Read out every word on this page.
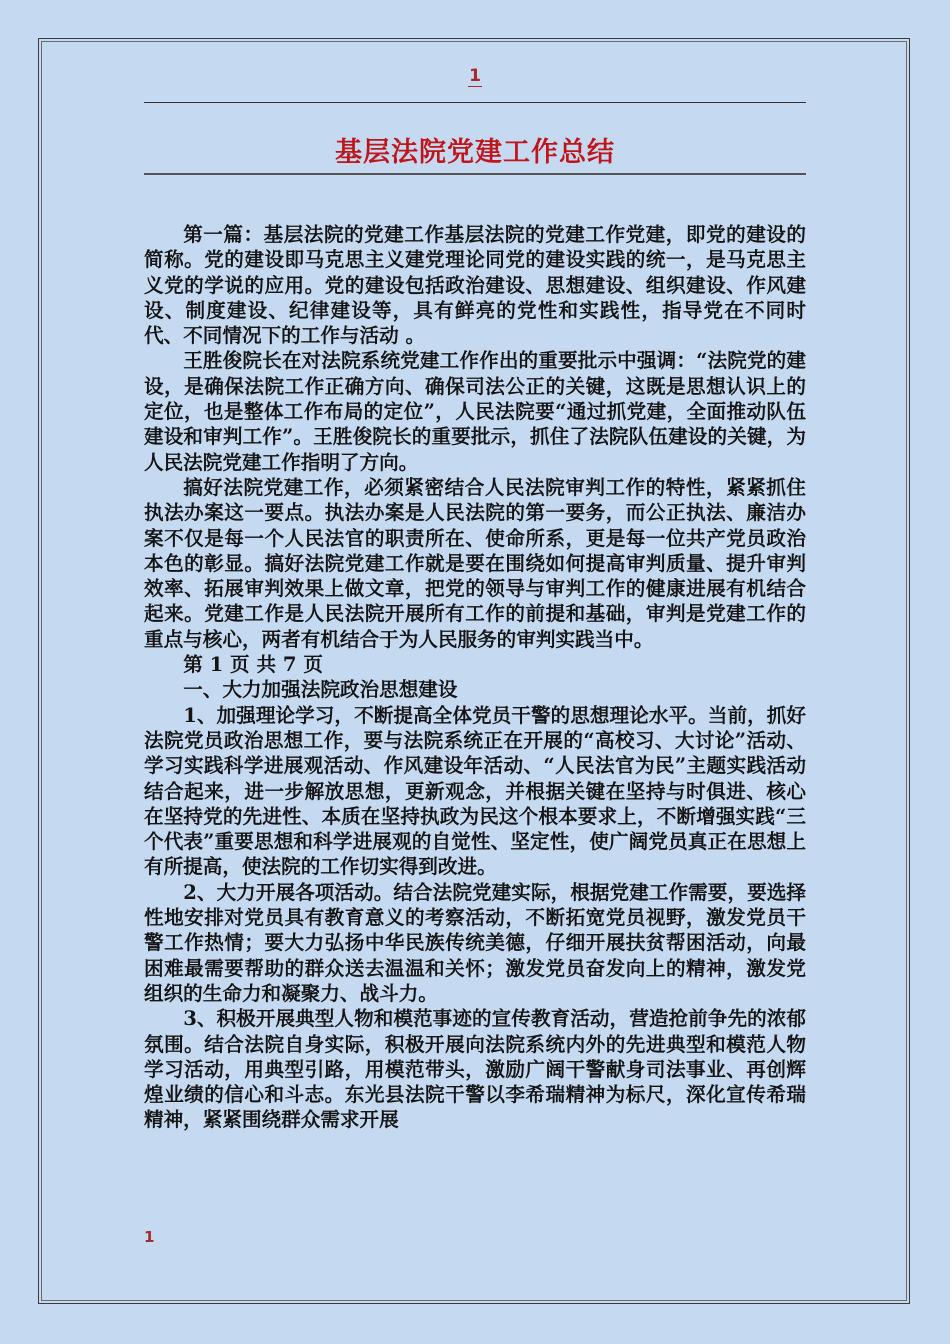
1
基层法院党建工作总结

第一篇：基层法院的党建工作基层法院的党建工作党建，即党的建设的简称。党的建设即马克思主义建党理论同党的建设实践的统一，是马克思主义党的学说的应用。党的建设包括政治建设、思想建设、组织建设、作风建设、制度建设、纪律建设等，具有鲜亮的党性和实践性，指导党在不同时代、不同情况下的工作与活动 。

王胜俊院长在对法院系统党建工作作出的重要批示中强调：“法院党的建设，是确保法院工作正确方向、确保司法公正的关键，这既是思想认识上的定位，也是整体工作布局的定位”，人民法院要“通过抓党建，全面推动队伍建设和审判工作”。王胜俊院长的重要批示，抓住了法院队伍建设的关键，为人民法院党建工作指明了方向。

搞好法院党建工作，必须紧密结合人民法院审判工作的特性，紧紧抓住执法办案这一要点。执法办案是人民法院的第一要务，而公正执法、廉洁办案不仅是每一个人民法官的职责所在、使命所系，更是每一位共产党员政治本色的彰显。搞好法院党建工作就是要在围绕如何提高审判质量、提升审判效率、拓展审判效果上做文章，把党的领导与审判工作的健康进展有机结合起来。党建工作是人民法院开展所有工作的前提和基础，审判是党建工作的重点与核心，两者有机结合于为人民服务的审判实践当中。

第 1 页 共 7 页

一、大力加强法院政治思想建设

1、加强理论学习，不断提高全体党员干警的思想理论水平。当前，抓好法院党员政治思想工作，要与法院系统正在开展的“高校习、大讨论”活动、学习实践科学进展观活动、作风建设年活动、“人民法官为民”主题实践活动结合起来，进一步解放思想，更新观念，并根据关键在坚持与时俱进、核心在坚持党的先进性、本质在坚持执政为民这个根本要求上，不断增强实践“三个代表”重要思想和科学进展观的自觉性、坚定性，使广阔党员真正在思想上有所提高，使法院的工作切实得到改进。

2、大力开展各项活动。结合法院党建实际，根据党建工作需要，要选择性地安排对党员具有教育意义的考察活动，不断拓宽党员视野，激发党员干警工作热情；要大力弘扬中华民族传统美德，仔细开展扶贫帮困活动，向最困难最需要帮助的群众送去温温和关怀；激发党员奋发向上的精神，激发党组织的生命力和凝聚力、战斗力。

3、积极开展典型人物和模范事迹的宣传教育活动，营造抢前争先的浓郁氛围。结合法院自身实际，积极开展向法院系统内外的先进典型和模范人物学习活动，用典型引路，用模范带头，激励广阔干警献身司法事业、再创辉煌业绩的信心和斗志。东光县法院干警以李希瑞精神为标尺，深化宣传希瑞精神，紧紧围绕群众需求开展

1
